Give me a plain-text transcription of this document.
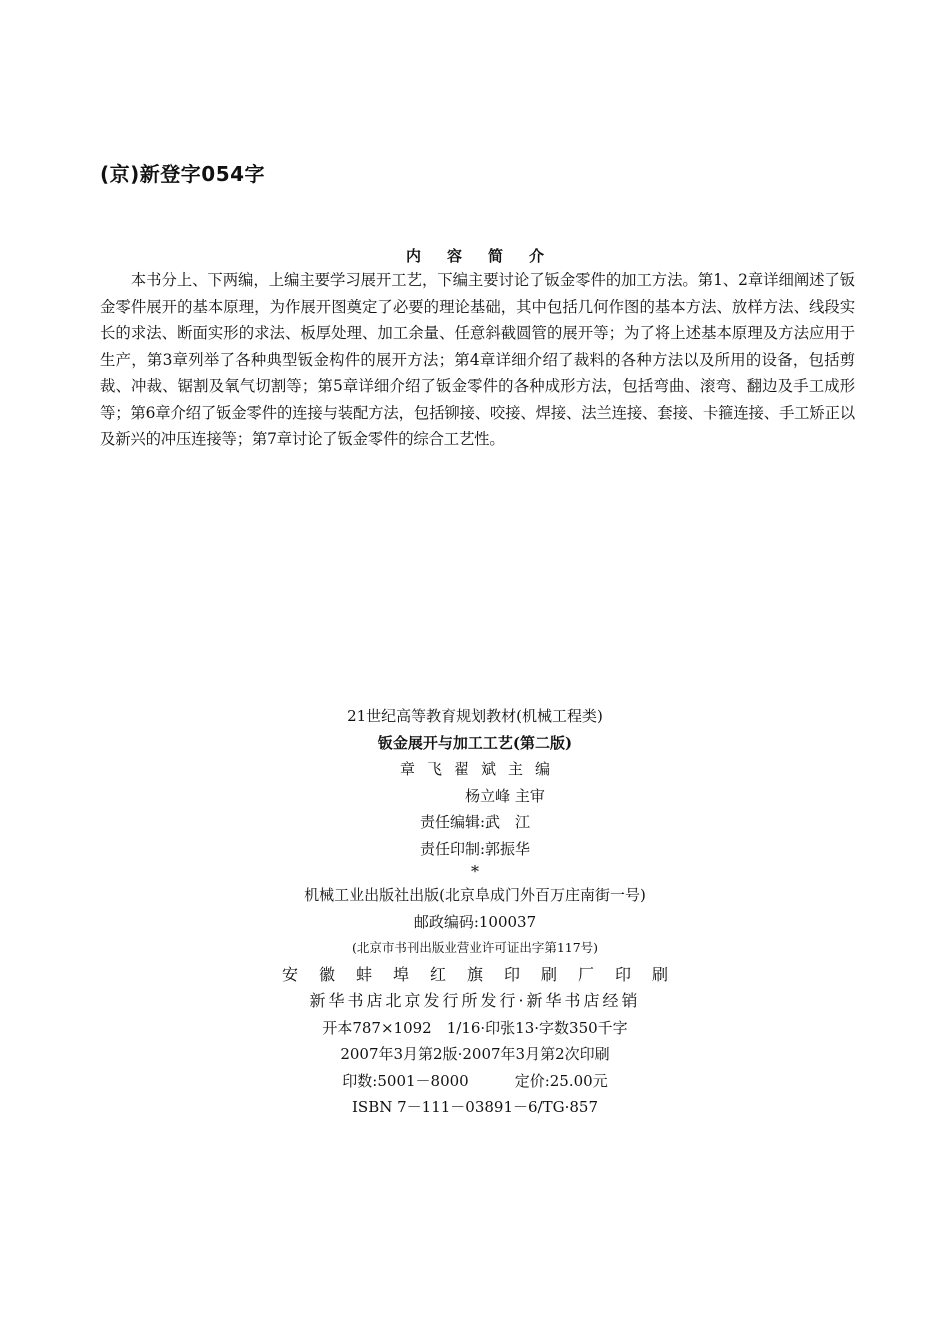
(京)新登字054字
内容简介
本书分上、下两编，上编主要学习展开工艺，下编主要讨论了钣金零件的加工方法。第1、2章详细阐述了钣金零件展开的基本原理，为作展开图奠定了必要的理论基础，其中包括几何作图的基本方法、放样方法、线段实长的求法、断面实形的求法、板厚处理、加工余量、任意斜截圆管的展开等；为了将上述基本原理及方法应用于生产，第3章列举了各种典型钣金构件的展开方法；第4章详细介绍了裁料的各种方法以及所用的设备，包括剪裁、冲裁、锯割及氧气切割等；第5章详细介绍了钣金零件的各种成形方法，包括弯曲、滚弯、翻边及手工成形等；第6章介绍了钣金零件的连接与装配方法，包括铆接、咬接、焊接、法兰连接、套接、卡箍连接、手工矫正以及新兴的冲压连接等；第7章讨论了钣金零件的综合工艺性。
21世纪高等教育规划教材(机械工程类)
钣金展开与加工工艺(第二版)
章飞翟斌主编
杨立峰 主审
责任编辑:武　江
责任印制:郭振华
*
机械工业出版社出版(北京阜成门外百万庄南街一号)
邮政编码:100037
(北京市书刊出版业营业许可证出字第117号)
安徽蚌埠红旗印刷厂印刷
新华书店北京发行所发行·新华书店经销
开本787×1092　1/16·印张13·字数350千字
2007年3月第2版·2007年3月第2次印刷
印数:5001－8000	定价:25.00元
ISBN 7－111－03891－6/TG·857
